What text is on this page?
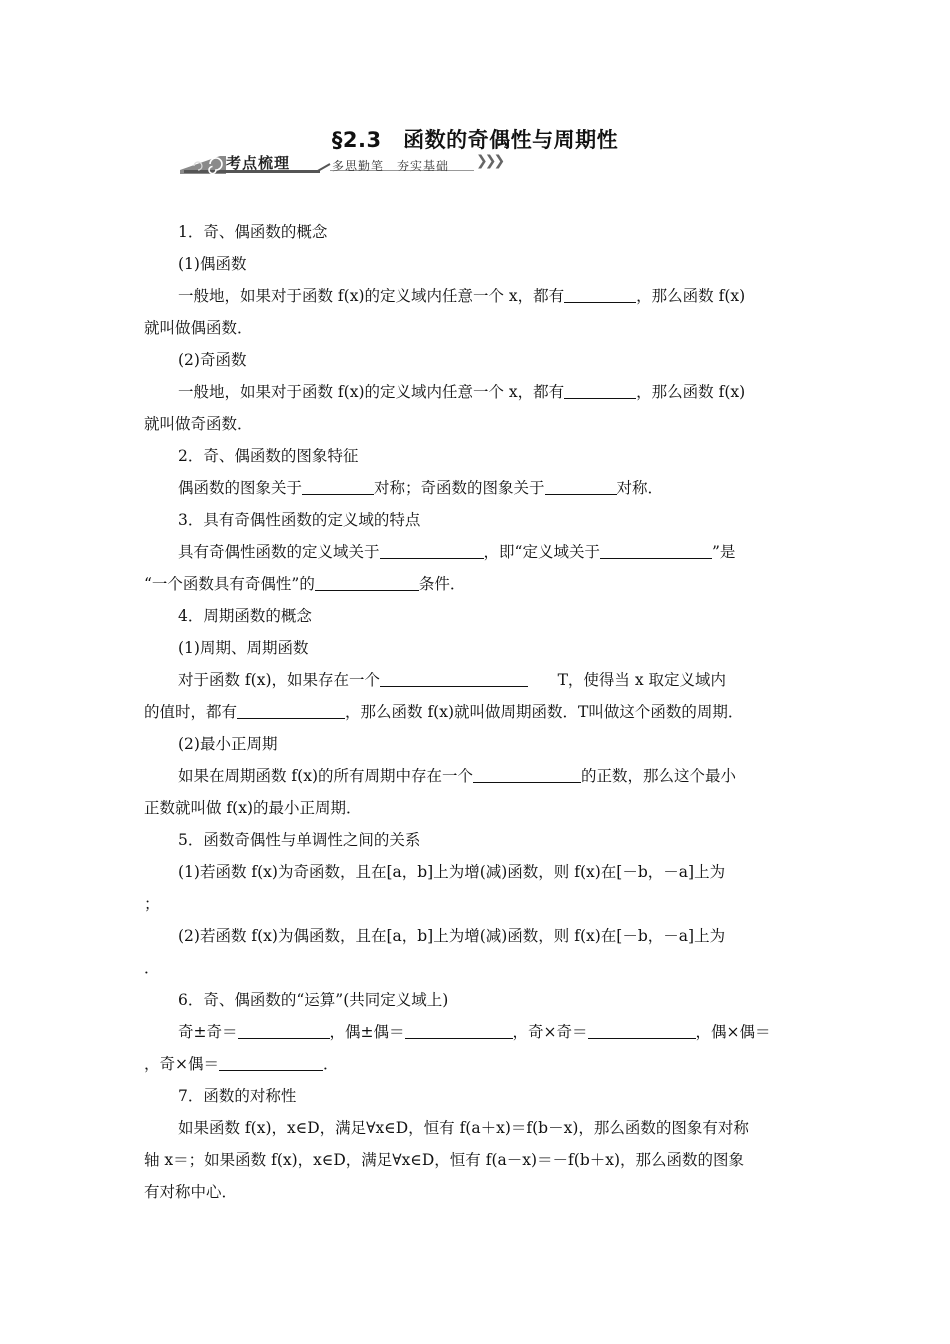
§2.3　函数的奇偶性与周期性
考点梳理	多思勤笔　夯实基础 ❯❯❯

1．奇、偶函数的概念

(1)偶函数

一般地，如果对于函数 f(x)的定义域内任意一个 x，都有	，那么函数 f(x)

就叫做偶函数．

(2)奇函数

一般地，如果对于函数 f(x)的定义域内任意一个 x，都有	，那么函数 f(x)

就叫做奇函数．

2．奇、偶函数的图象特征

偶函数的图象关于	对称；奇函数的图象关于	对称．

3．具有奇偶性函数的定义域的特点

具有奇偶性函数的定义域关于	，即“定义域关于	”是

“一个函数具有奇偶性”的	条件．

4．周期函数的概念

(1)周期、周期函数

对于函数 f(x)，如果存在一个	T，使得当 x 取定义域内

的值时，都有	，那么函数 f(x)就叫做周期函数．T叫做这个函数的周期．

(2)最小正周期

如果在周期函数 f(x)的所有周期中存在一个	的正数，那么这个最小

正数就叫做 f(x)的最小正周期．

5．函数奇偶性与单调性之间的关系

(1)若函数 f(x)为奇函数，且在[a，b]上为增(减)函数，则 f(x)在[－b，－a]上为

；

(2)若函数 f(x)为偶函数，且在[a，b]上为增(减)函数，则 f(x)在[－b，－a]上为

．

6．奇、偶函数的“运算”(共同定义域上)

奇±奇＝	，偶±偶＝	，奇×奇＝	，偶×偶＝

，奇×偶＝	．

7．函数的对称性

如果函数 f(x)，x∈D，满足∀x∈D，恒有 f(a＋x)＝f(b－x)，那么函数的图象有对称

轴 x＝；如果函数 f(x)，x∈D，满足∀x∈D，恒有 f(a－x)＝－f(b＋x)，那么函数的图象

有对称中心．
